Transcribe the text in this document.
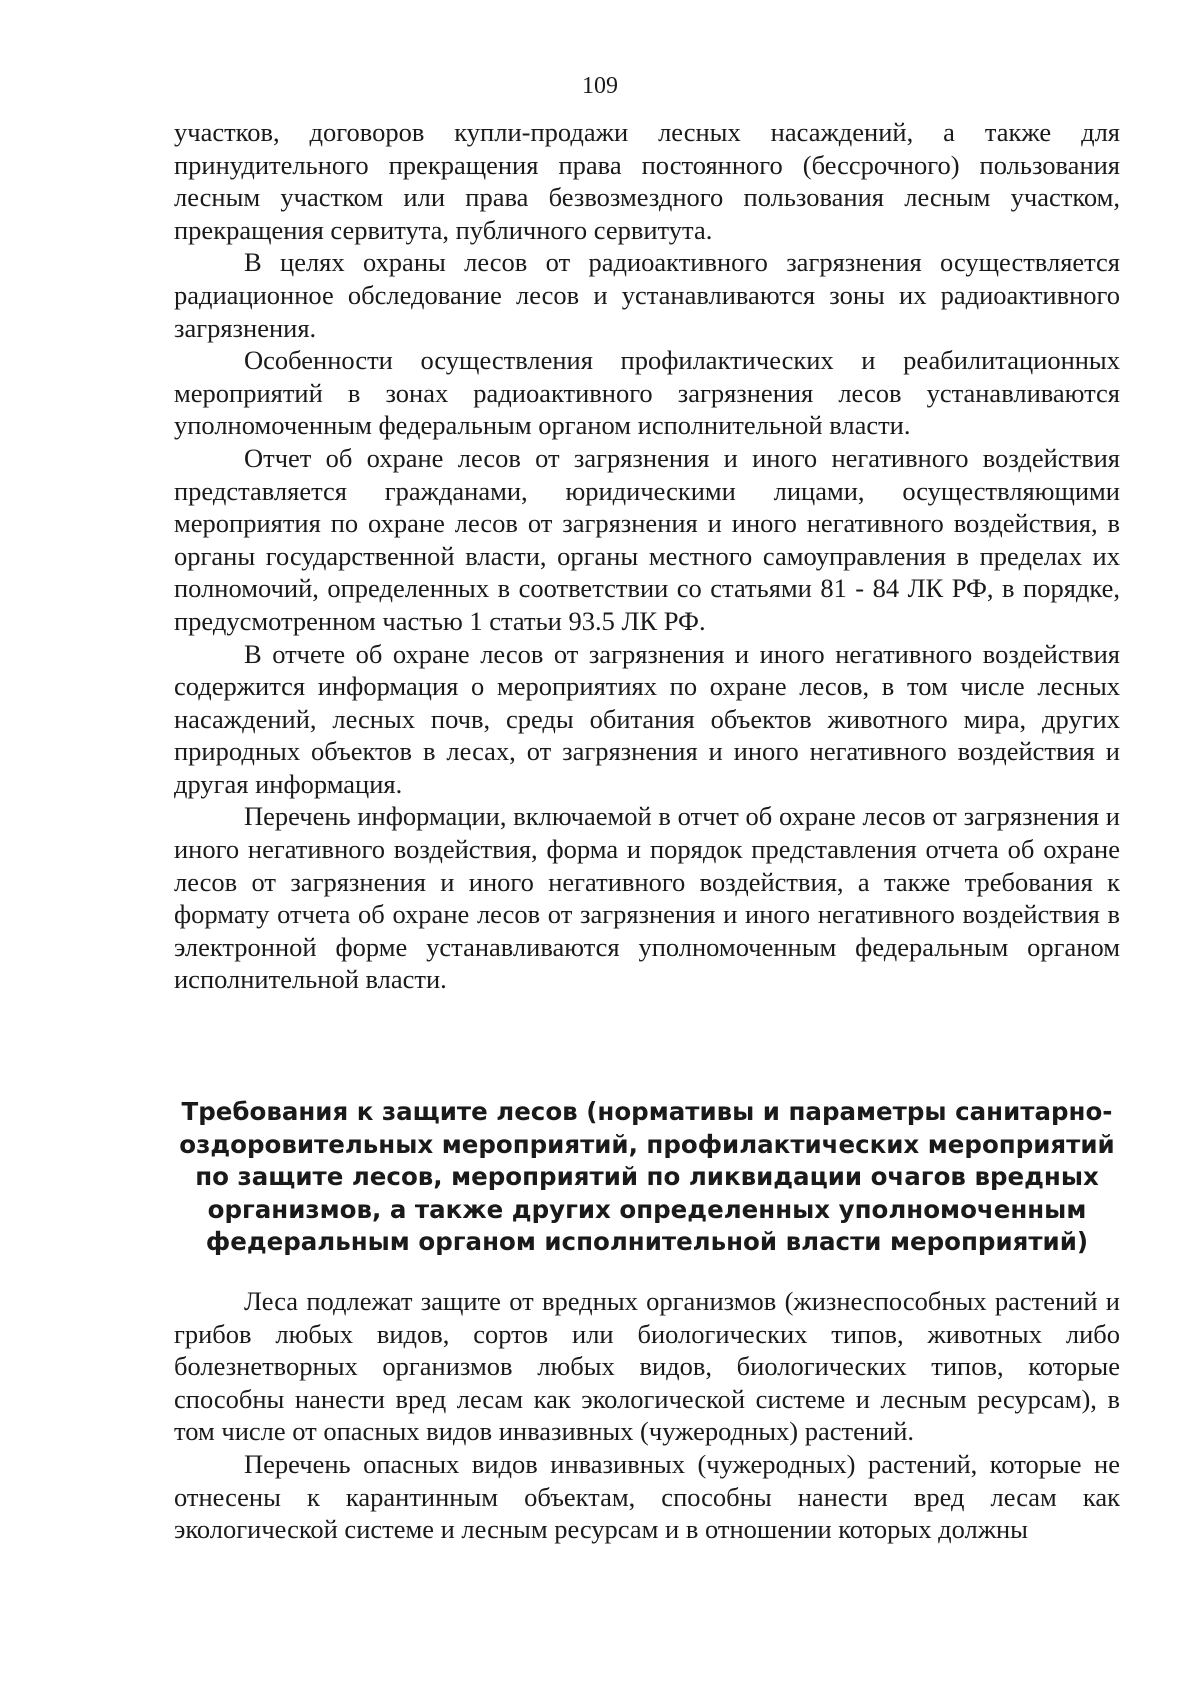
109

участков, договоров купли-продажи лесных насаждений, а также для принудительного прекращения права постоянного (бессрочного) пользования лесным участком или права безвозмездного пользования лесным участком, прекращения сервитута, публичного сервитута.

В целях охраны лесов от радиоактивного загрязнения осуществляется радиационное обследование лесов и устанавливаются зоны их радиоактивного загрязнения.

Особенности осуществления профилактических и реабилитационных мероприятий в зонах радиоактивного загрязнения лесов устанавливаются уполномоченным федеральным органом исполнительной власти.

Отчет об охране лесов от загрязнения и иного негативного воздействия представляется гражданами, юридическими лицами, осуществляющими мероприятия по охране лесов от загрязнения и иного негативного воздействия, в органы государственной власти, органы местного самоуправления в пределах их полномочий, определенных в соответствии со статьями 81 - 84 ЛК РФ, в порядке, предусмотренном частью 1 статьи 93.5 ЛК РФ.

В отчете об охране лесов от загрязнения и иного негативного воздействия содержится информация о мероприятиях по охране лесов, в том числе лесных насаждений, лесных почв, среды обитания объектов животного мира, других природных объектов в лесах, от загрязнения и иного негативного воздействия и другая информация.

Перечень информации, включаемой в отчет об охране лесов от загрязнения и иного негативного воздействия, форма и порядок представления отчета об охране лесов от загрязнения и иного негативного воздействия, а также требования к формату отчета об охране лесов от загрязнения и иного негативного воздействия в электронной форме устанавливаются уполномоченным федеральным органом исполнительной власти.

Требования к защите лесов (нормативы и параметры санитарно-оздоровительных мероприятий, профилактических мероприятий по защите лесов, мероприятий по ликвидации очагов вредных организмов, а также других определенных уполномоченным федеральным органом исполнительной власти мероприятий)

Леса подлежат защите от вредных организмов (жизнеспособных растений и грибов любых видов, сортов или биологических типов, животных либо болезнетворных организмов любых видов, биологических типов, которые способны нанести вред лесам как экологической системе и лесным ресурсам), в том числе от опасных видов инвазивных (чужеродных) растений.

Перечень опасных видов инвазивных (чужеродных) растений, которые не отнесены к карантинным объектам, способны нанести вред лесам как экологической системе и лесным ресурсам и в отношении которых должны
